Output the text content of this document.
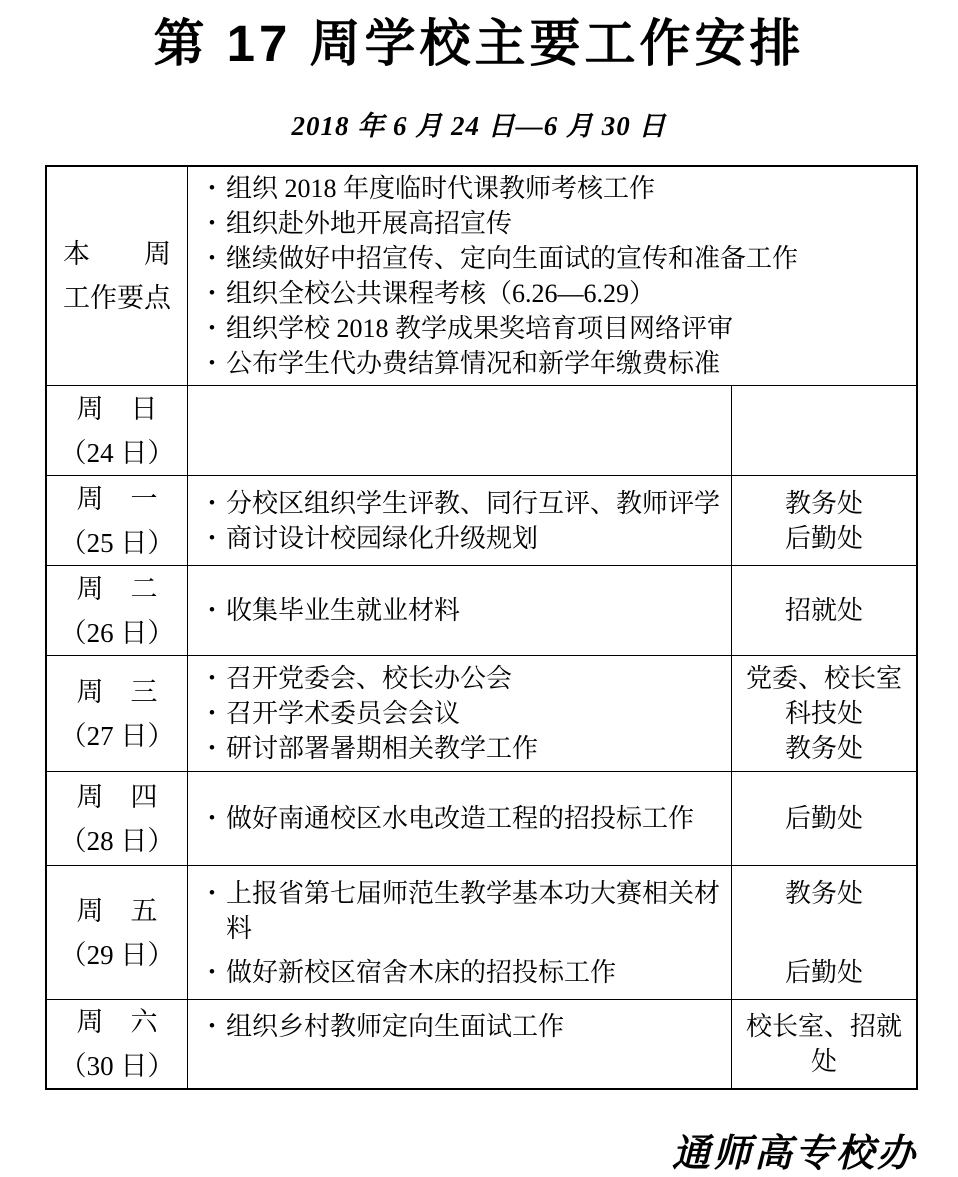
第 17 周学校主要工作安排
2018 年 6 月 24 日—6 月 30 日
本　　周
工作要点
• 组织 2018 年度临时代课教师考核工作
• 组织赴外地开展高招宣传
• 继续做好中招宣传、定向生面试的宣传和准备工作
• 组织全校公共课程考核（6.26—6.29）
• 组织学校 2018 教学成果奖培育项目网络评审
• 公布学生代办费结算情况和新学年缴费标准
周　日
（24 日）
周　一
（25 日）
• 分校区组织学生评教、同行互评、教师评学	教务处
• 商讨设计校园绿化升级规划	后勤处
周　二
（26 日）
• 收集毕业生就业材料	招就处
周　三
（27 日）
• 召开党委会、校长办公会	党委、校长室
• 召开学术委员会会议	科技处
• 研讨部署暑期相关教学工作	教务处
周　四
（28 日）
• 做好南通校区水电改造工程的招投标工作	后勤处
周　五
（29 日）
• 上报省第七届师范生教学基本功大赛相关材料
教务处
• 做好新校区宿舍木床的招投标工作	后勤处
周　六
（30 日）
• 组织乡村教师定向生面试工作	校长室、招就处
通师高专校办
